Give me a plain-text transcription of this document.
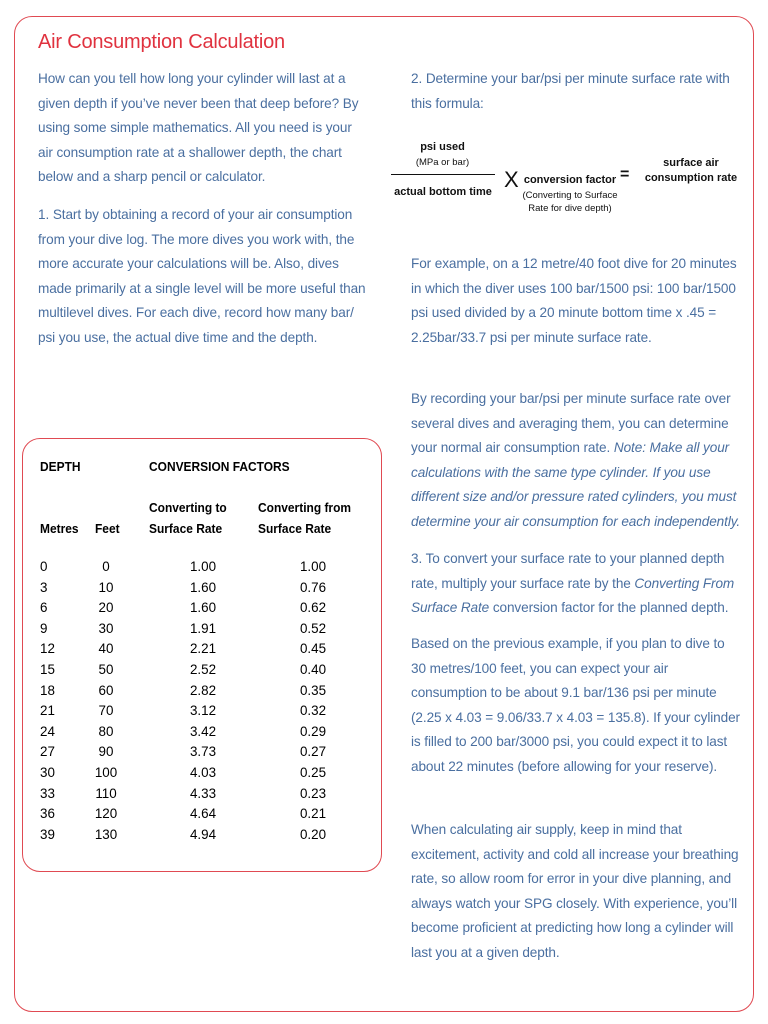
Air Consumption Calculation

How can you tell how long your cylinder will last at a given depth if you’ve never been that deep before? By using some simple mathematics. All you need is your air consumption rate at a shallower depth, the chart below and a sharp pencil or calculator.

1. Start by obtaining a record of your air consumption from your dive log. The more dives you work with, the more accurate your calculations will be. Also, dives made primarily at a single level will be more useful than multilevel dives. For each dive, record how many bar/ psi you use, the actual dive time and the depth.

2. Determine your bar/psi per minute surface rate with this formula:

psi used
(MPa or bar)
actual bottom time X conversion factor
(Converting to Surface Rate for dive depth)
=
surface air consumption rate

For example, on a 12 metre/40 foot dive for 20 minutes in which the diver uses 100 bar/1500 psi: 100 bar/1500 psi used divided by a 20 minute bottom time x .45 = 2.25bar/33.7 psi per minute surface rate.

By recording your bar/psi per minute surface rate over several dives and averaging them, you can determine your normal air consumption rate. Note: Make all your calculations with the same type cylinder. If you use different size and/or pressure rated cylinders, you must determine your air consumption for each independently.

3. To convert your surface rate to your planned depth rate, multiply your surface rate by the Converting From Surface Rate conversion factor for the planned depth.

Based on the previous example, if you plan to dive to 30 metres/100 feet, you can expect your air consumption to be about 9.1 bar/136 psi per minute (2.25 x 4.03 = 9.06/33.7 x 4.03 = 135.8). If your cylinder is filled to 200 bar/3000 psi, you could expect it to last about 22 minutes (before allowing for your reserve).

When calculating air supply, keep in mind that excitement, activity and cold all increase your breathing rate, so allow room for error in your dive planning, and always watch your SPG closely. With experience, you’ll become proficient at predicting how long a cylinder will last you at a given depth.

DEPTH	CONVERSION FACTORS
Metres Feet
Converting to Surface Rate
Converting from Surface Rate
0	0	1.00	1.00
3	10	1.60	0.76
6	20	1.60	0.62
9	30	1.91	0.52
12	40	2.21	0.45
15	50	2.52	0.40
18	60	2.82	0.35
21	70	3.12	0.32
24	80	3.42	0.29
27	90	3.73	0.27
30	100	4.03	0.25
33	110	4.33	0.23
36	120	4.64	0.21
39	130	4.94	0.20
